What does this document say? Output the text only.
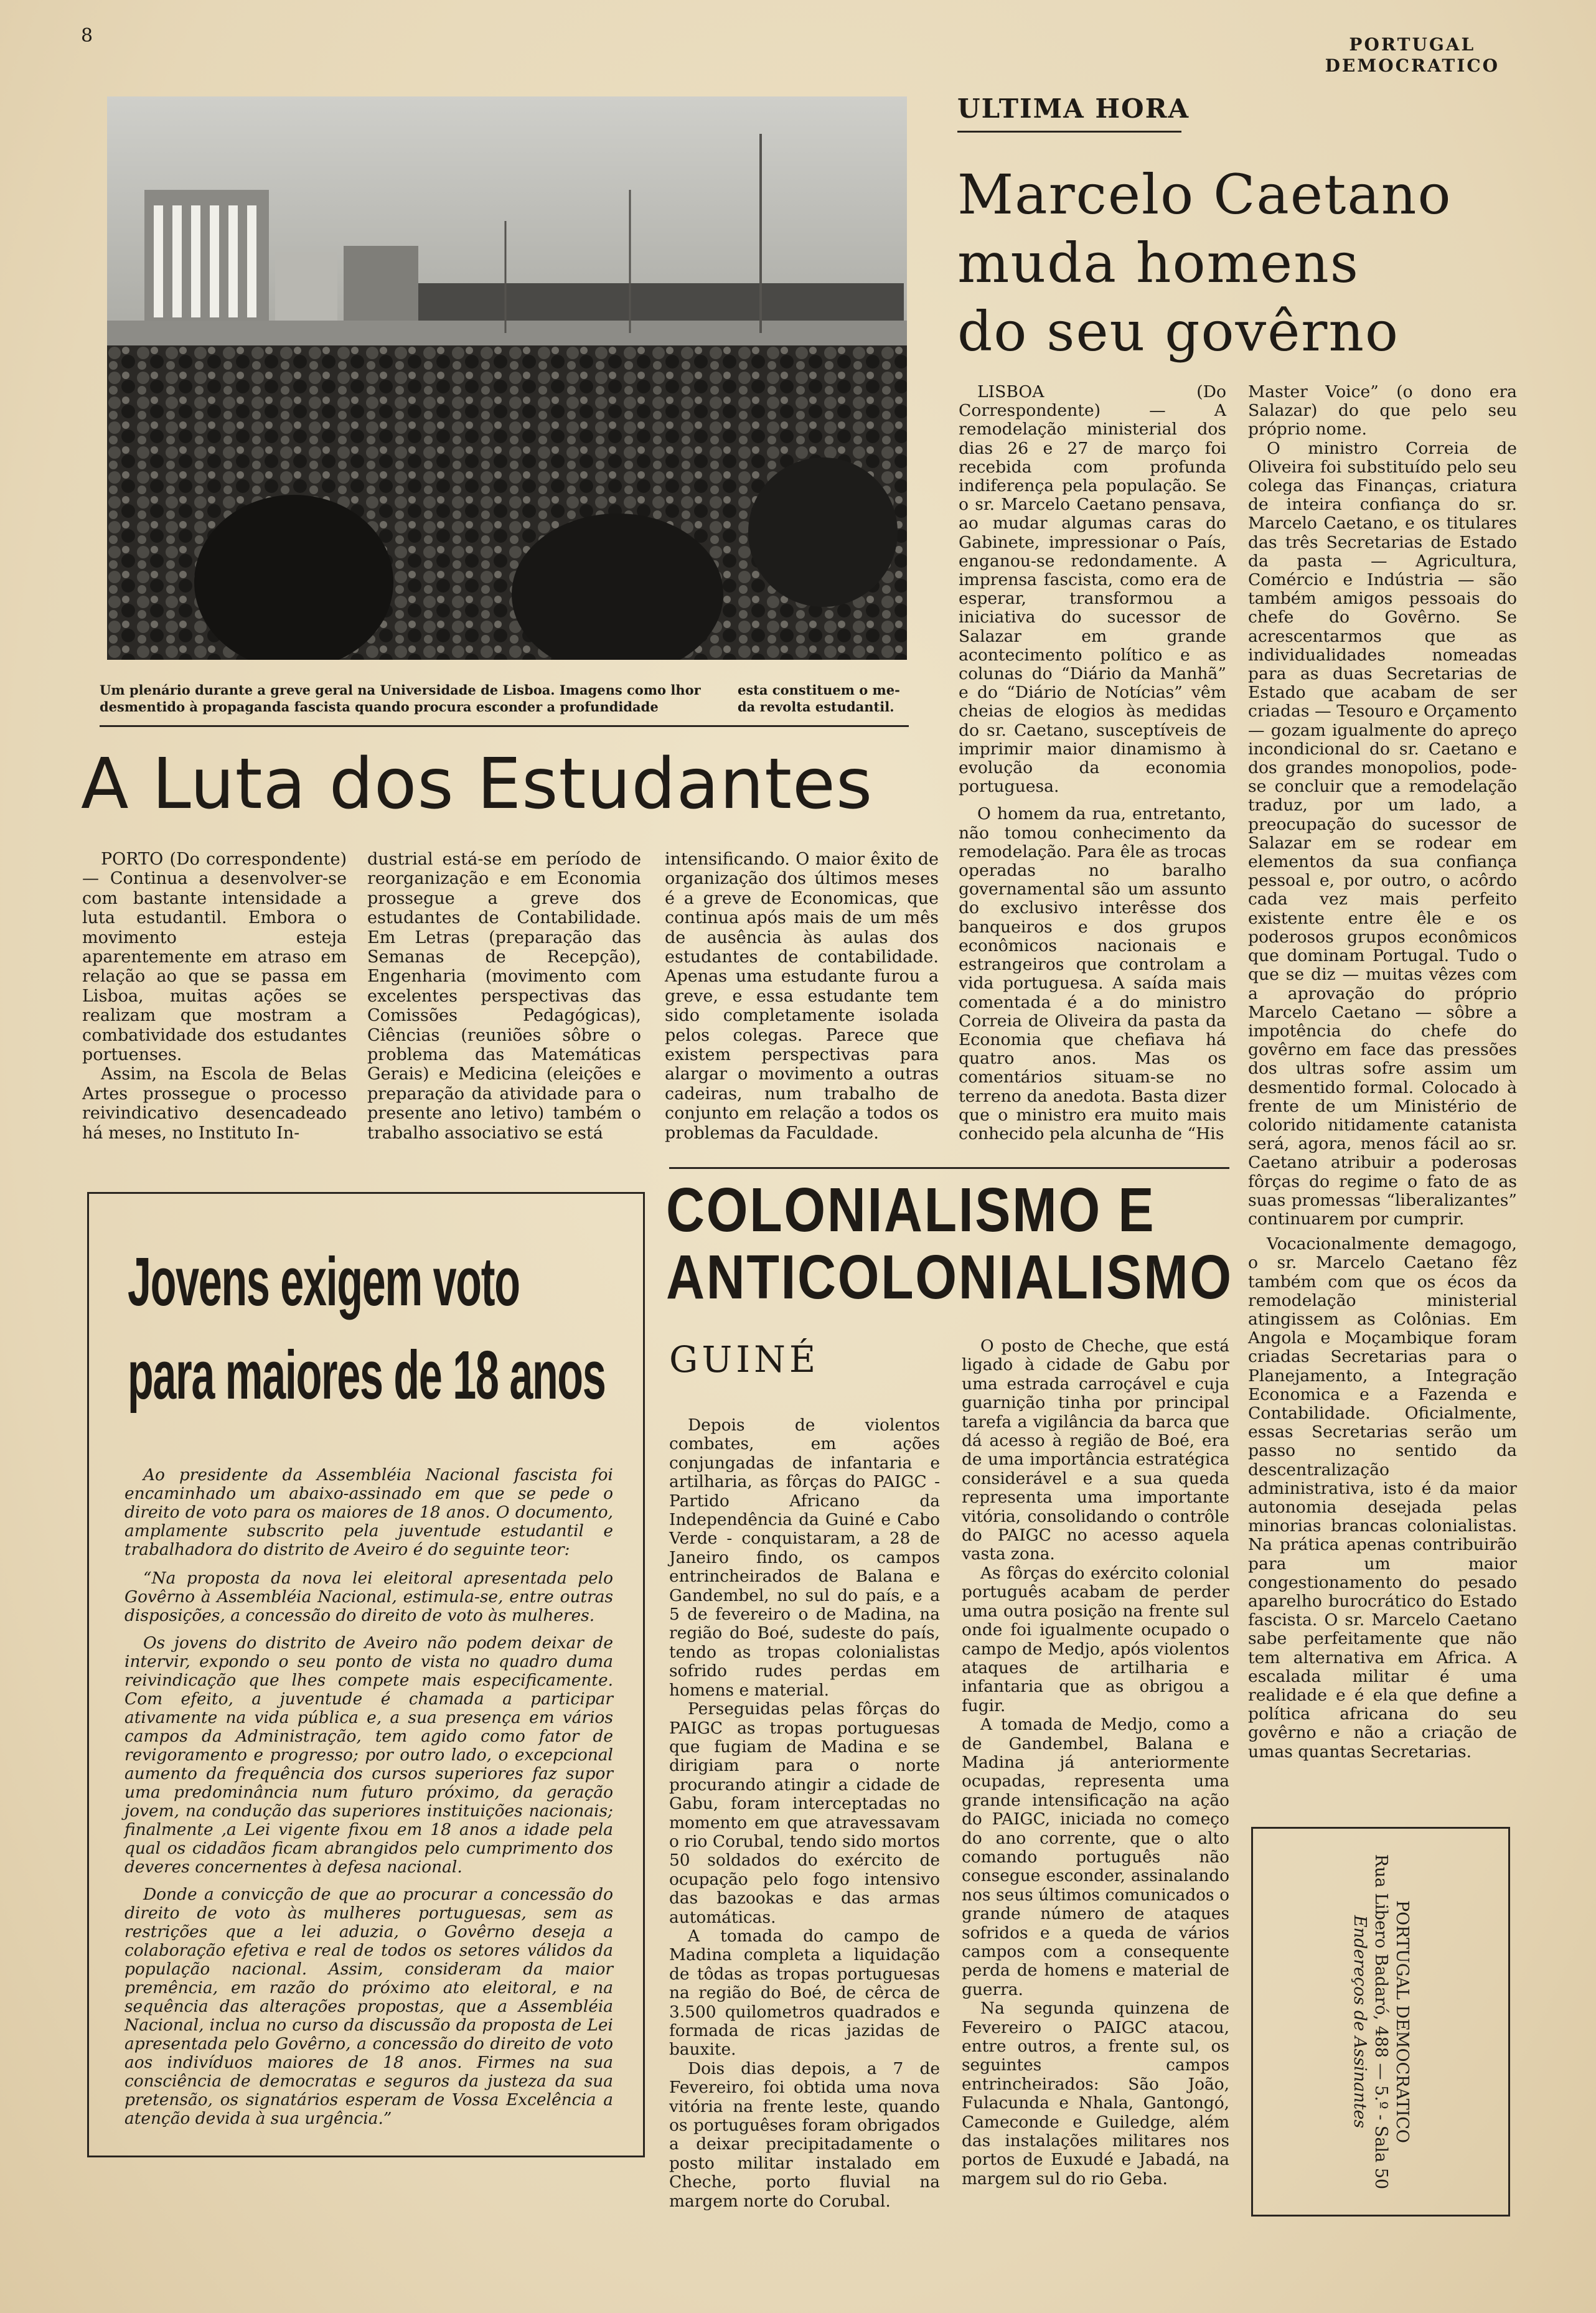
8	PORTUGAL
DEMOCRATICO
Um plenário durante a greve geral na Universidade de Lisboa. Imagens como lhor desmentido à propaganda fascista quando procura esconder a profundidade
esta constituem o me- da revolta estudantil.
A Luta dos Estudantes

PORTO (Do correspondente) — Continua a desenvolver-se com bastante intensidade a luta estudantil. Embora o movimento esteja aparentemente em atraso em relação ao que se passa em Lisboa, muitas ações se realizam que mostram a combatividade dos estudantes portuenses.

Assim, na Escola de Belas Artes prossegue o processo reivindicativo desencadeado há meses, no Instituto In-

dustrial está-se em período de reorganização e em Economia prossegue a greve dos estudantes de Contabilidade. Em Letras (preparação das Semanas de Recepção), Engenharia (movimento com excelentes perspectivas das Comissões Pedagógicas), Ciências (reuniões sôbre o problema das Matemáticas Gerais) e Medicina (eleições e preparação da atividade para o presente ano letivo) também o trabalho associativo se está

intensificando. O maior êxito de organização dos últimos meses é a greve de Economicas, que continua após mais de um mês de ausência às aulas dos estudantes de contabilidade. Apenas uma estudante furou a greve, e essa estudante tem sido completamente isolada pelos colegas. Parece que existem perspectivas para alargar o movimento a outras cadeiras, num trabalho de conjunto em relação a todos os problemas da Faculdade.

ULTIMA HORA
Marcelo Caetano
muda homens
do seu govêrno

LISBOA (Do Correspondente) — A remodelação ministerial dos dias 26 e 27 de março foi recebida com profunda indiferença pela população. Se o sr. Marcelo Caetano pensava, ao mudar algumas caras do Gabinete, impressionar o País, enganou-se redondamente. A imprensa fascista, como era de esperar, transformou a iniciativa do sucessor de Salazar em grande acontecimento político e as colunas do “Diário da Manhã” e do “Diário de Notícias” vêm cheias de elogios às medidas do sr. Caetano, susceptíveis de imprimir maior dinamismo à evolução da economia portuguesa.

O homem da rua, entretanto, não tomou conhecimento da remodelação. Para êle as trocas operadas no baralho governamental são um assunto do exclusivo interêsse dos banqueiros e dos grupos econômicos nacionais e estrangeiros que controlam a vida portuguesa. A saída mais comentada é a do ministro Correia de Oliveira da pasta da Economia que chefiava há quatro anos. Mas os comentários situam-se no terreno da anedota. Basta dizer que o ministro era muito mais conhecido pela alcunha de “His

Master Voice” (o dono era Salazar) do que pelo seu próprio nome.

O ministro Correia de Oliveira foi substituído pelo seu colega das Finanças, criatura de inteira confiança do sr. Marcelo Caetano, e os titulares das três Secretarias de Estado da pasta — Agricultura, Comércio e Indústria — são também amigos pessoais do chefe do Govêrno. Se acrescentarmos que as individualidades nomeadas para as duas Secretarias de Estado que acabam de ser criadas — Tesouro e Orçamento — gozam igualmente do apreço incondicional do sr. Caetano e dos grandes monopolios, pode-se concluir que a remodelação traduz, por um lado, a preocupação do sucessor de Salazar em se rodear em elementos da sua confiança pessoal e, por outro, o acôrdo cada vez mais perfeito existente entre êle e os poderosos grupos econômicos que dominam Portugal. Tudo o que se diz — muitas vêzes com a aprovação do próprio Marcelo Caetano — sôbre a impotência do chefe do govêrno em face das pressões dos ultras sofre assim um desmentido formal. Colocado à frente de um Ministério de colorido nitidamente catanista será, agora, menos fácil ao sr. Caetano atribuir a poderosas fôrças do regime o fato de as suas promessas “liberalizantes” continuarem por cumprir.

Vocacionalmente demagogo, o sr. Marcelo Caetano fêz também com que os écos da remodelação ministerial atingissem as Colônias. Em Angola e Moçambique foram criadas Secretarias para o Planejamento, a Integração Economica e a Fazenda e Contabilidade. Oficialmente, essas Secretarias serão um passo no sentido da descentralização administrativa, isto é da maior autonomia desejada pelas minorias brancas colonialistas. Na prática apenas contribuirão para um maior congestionamento do pesado aparelho burocrático do Estado fascista. O sr. Marcelo Caetano sabe perfeitamente que não tem alternativa em Africa. A escalada militar é uma realidade e é ela que define a política africana do seu govêrno e não a criação de umas quantas Secretarias.

Jovens exigem voto
para maiores de 18 anos

Ao presidente da Assembléia Nacional fascista foi encaminhado um abaixo-assinado em que se pede o direito de voto para os maiores de 18 anos. O documento, amplamente subscrito pela juventude estudantil e trabalhadora do distrito de Aveiro é do seguinte teor:

“Na proposta da nova lei eleitoral apresentada pelo Govêrno à Assembléia Nacional, estimula-se, entre outras disposições, a concessão do direito de voto às mulheres.

Os jovens do distrito de Aveiro não podem deixar de intervir, expondo o seu ponto de vista no quadro duma reivindicação que lhes compete mais especificamente. Com efeito, a juventude é chamada a participar ativamente na vida pública e, a sua presença em vários campos da Administração, tem agido como fator de revigoramento e progresso; por outro lado, o excepcional aumento da frequência dos cursos superiores faz supor uma predominância num futuro próximo, da geração jovem, na condução das superiores instituições nacionais; finalmente ,a Lei vigente fixou em 18 anos a idade pela qual os cidadãos ficam abrangidos pelo cumprimento dos deveres concernentes à defesa nacional.

Donde a convicção de que ao procurar a concessão do direito de voto às mulheres portuguesas, sem as restrições que a lei aduzia, o Govêrno deseja a colaboração efetiva e real de todos os setores válidos da população nacional. Assim, consideram da maior premência, em razão do próximo ato eleitoral, e na sequência das alterações propostas, que a Assembléia Nacional, inclua no curso da discussão da proposta de Lei apresentada pelo Govêrno, a concessão do direito de voto aos indivíduos maiores de 18 anos. Firmes na sua consciência de democratas e seguros da justeza da sua pretensão, os signatários esperam de Vossa Excelência a atenção devida à sua urgência.”

COLONIALISMO E
ANTICOLONIALISMO
GUINÉ

Depois de violentos combates, em ações conjungadas de infantaria e artilharia, as fôrças do PAIGC - Partido Africano da Independência da Guiné e Cabo Verde - conquistaram, a 28 de Janeiro findo, os campos entrincheirados de Balana e Gandembel, no sul do país, e a 5 de fevereiro o de Madina, na região do Boé, sudeste do país, tendo as tropas colonialistas sofrido rudes perdas em homens e material.

Perseguidas pelas fôrças do PAIGC as tropas portuguesas que fugiam de Madina e se dirigiam para o norte procurando atingir a cidade de Gabu, foram interceptadas no momento em que atravessavam o rio Corubal, tendo sido mortos 50 soldados do exército de ocupação pelo fogo intensivo das bazookas e das armas automáticas.

A tomada do campo de Madina completa a liquidação de tôdas as tropas portuguesas na região do Boé, de cêrca de 3.500 quilometros quadrados e formada de ricas jazidas de bauxite.

Dois dias depois, a 7 de Fevereiro, foi obtida uma nova vitória na frente leste, quando os portuguêses foram obrigados a deixar precipitadamente o posto militar instalado em Cheche, porto fluvial na margem norte do Corubal.

O posto de Cheche, que está ligado à cidade de Gabu por uma estrada carroçável e cuja guarnição tinha por principal tarefa a vigilância da barca que dá acesso à região de Boé, era de uma importância estratégica considerável e a sua queda representa uma importante vitória, consolidando o contrôle do PAIGC no acesso aquela vasta zona.

As fôrças do exército colonial português acabam de perder uma outra posição na frente sul onde foi igualmente ocupado o campo de Medjo, após violentos ataques de artilharia e infantaria que as obrigou a fugir.

A tomada de Medjo, como a de Gandembel, Balana e Madina já anteriormente ocupadas, representa uma grande intensificação na ação do PAIGC, iniciada no começo do ano corrente, que o alto comando português não consegue esconder, assinalando nos seus últimos comunicados o grande número de ataques sofridos e a queda de vários campos com a consequente perda de homens e material de guerra.

Na segunda quinzena de Fevereiro o PAIGC atacou, entre outros, a frente sul, os seguintes campos entrincheirados: São João, Fulacunda e Nhala, Gantongó, Cameconde e Guiledge, além das instalações militares nos portos de Euxudé e Jabadá, na margem sul do rio Geba.

PORTUGAL DEMOCRATICO
Rua Libero Badaró, 488 — 5.º - Sala 50
Endereços de Assinantes
